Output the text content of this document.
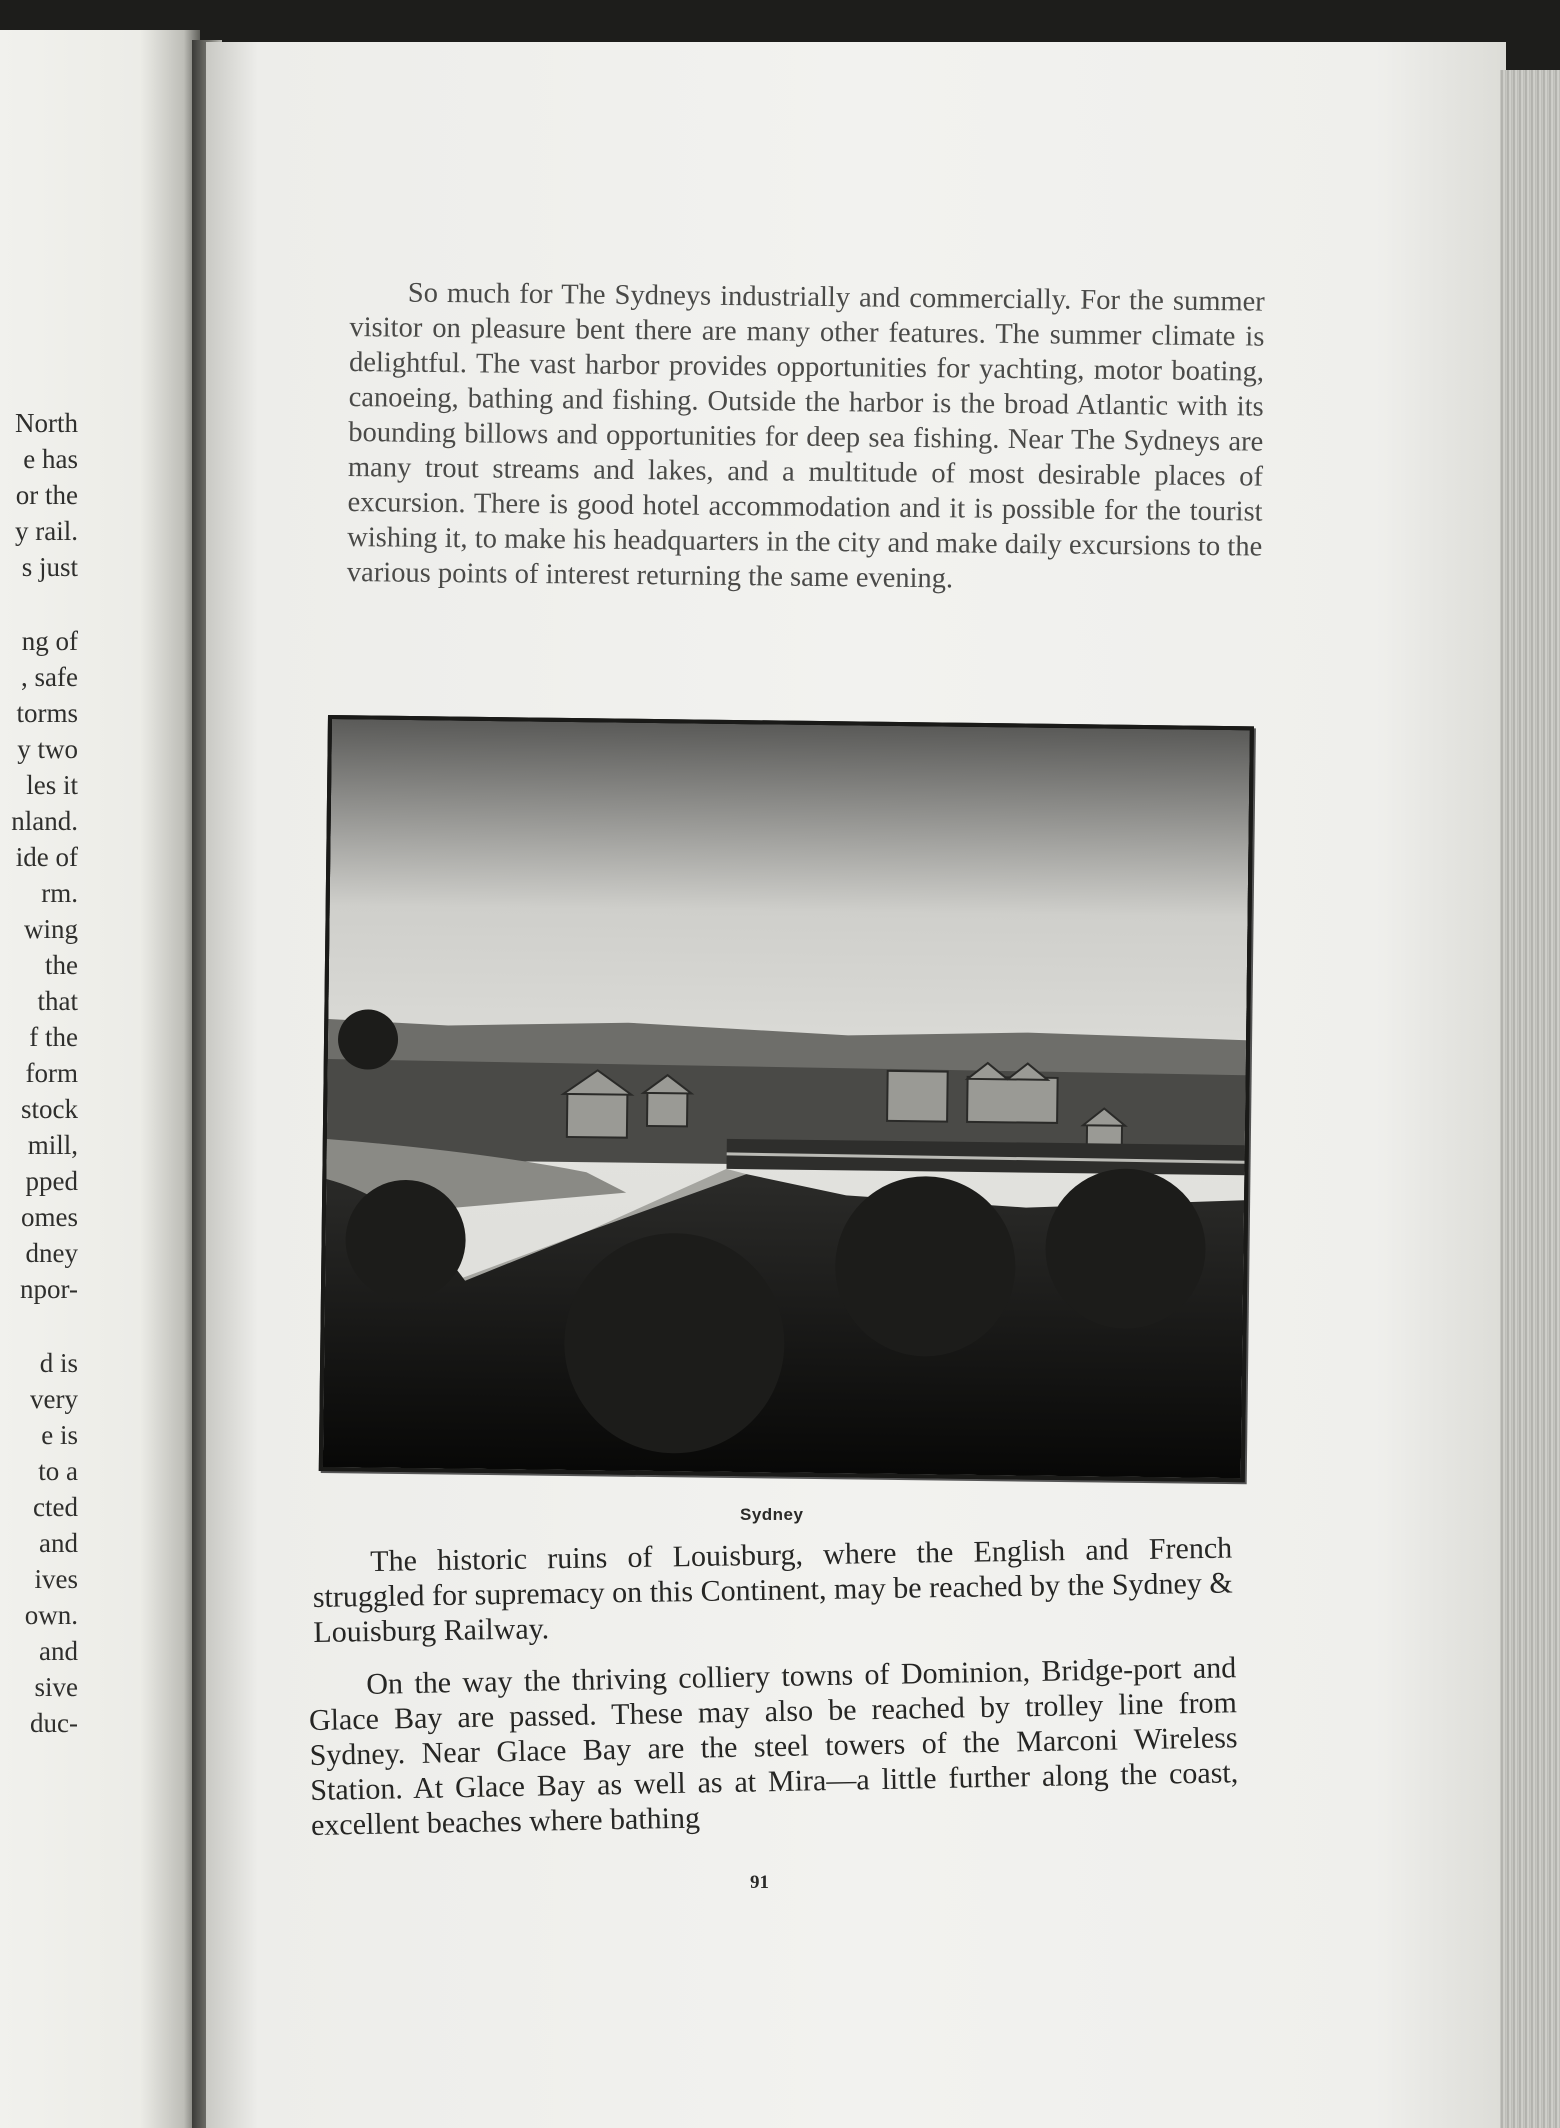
North
e has
or the
y rail.
s just
ng of
, safe
torms
y two
les it
nland.
ide of
rm.
wing
the
that
f the
form
stock
mill,
pped
omes
dney
npor-
d is
very
e is
to a
cted
and
ives
own.
and
sive
duc-

So much for The Sydneys industrially and commercially. For the summer visitor on pleasure bent there are many other features. The summer climate is delightful. The vast harbor provides opportunities for yachting, motor boating, canoeing, bathing and fishing. Outside the harbor is the broad Atlantic with its bounding billows and opportunities for deep sea fishing. Near The Sydneys are many trout streams and lakes, and a multitude of most desirable places of excursion. There is good hotel accommodation and it is possible for the tourist wishing it, to make his headquarters in the city and make daily excursions to the various points of interest returning the same evening.

Sydney

The historic ruins of Louisburg, where the English and French struggled for supremacy on this Continent, may be reached by the Sydney & Louisburg Railway.

On the way the thriving colliery towns of Dominion, Bridge-port and Glace Bay are passed. These may also be reached by trolley line from Sydney. Near Glace Bay are the steel towers of the Marconi Wireless Station. At Glace Bay as well as at Mira—a little further along the coast, excellent beaches where bathing

91
